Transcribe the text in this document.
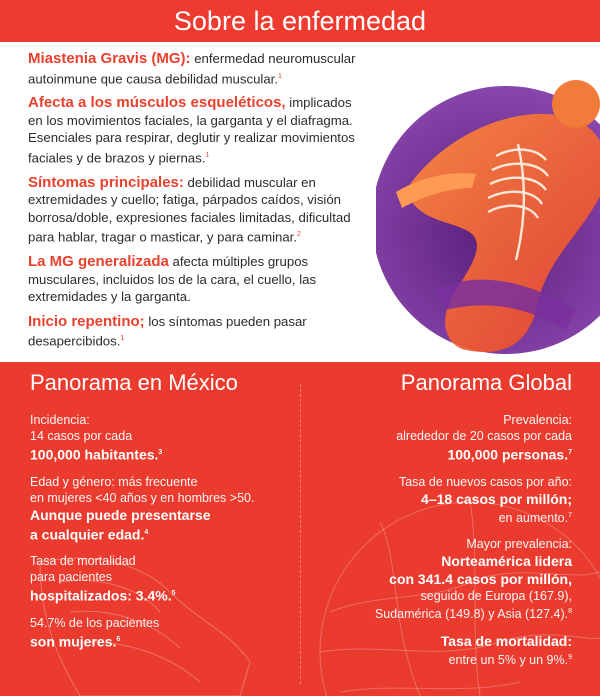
Sobre la enfermedad

Miastenia Gravis (MG): enfermedad neuromuscular autoinmune que causa debilidad muscular.$^1$

Afecta a los músculos esqueléticos, implicados en los movimientos faciales, la garganta y el diafragma. Esenciales para respirar, deglutir y realizar movimientos faciales y de brazos y piernas.$^1$

Síntomas principales: debilidad muscular en extremidades y cuello; fatiga, párpados caídos, visión borrosa/doble, expresiones faciales limitadas, dificultad para hablar, tragar o masticar, y para caminar.$^2$

La MG generalizada afecta múltiples grupos musculares, incluidos los de la cara, el cuello, las extremidades y la garganta.

Inicio repentino; los síntomas pueden pasar desapercibidos.$^1$

Panorama en México	Panorama Global
Incidencia:
14 casos por cada
100,000 habitantes.$^3$
Edad y género: más frecuente
en mujeres <40 años y en hombres >50.
Aunque puede presentarse
a cualquier edad.$^4$
Tasa de mortalidad
para pacientes
hospitalizados: 3.4%.$^5$
54.7% de los pacientes
son mujeres.$^6$
Prevalencia:
alrededor de 20 casos por cada
100,000 personas.$^7$
Tasa de nuevos casos por año:
4–18 casos por millón;
en aumento.$^7$
Mayor prevalencia:
Norteamérica lidera
con 341.4 casos por millón,
seguido de Europa (167.9),
Sudamérica (149.8) y Asia (127.4).$^8$
Tasa de mortalidad:
entre un 5% y un 9%.$^9$
